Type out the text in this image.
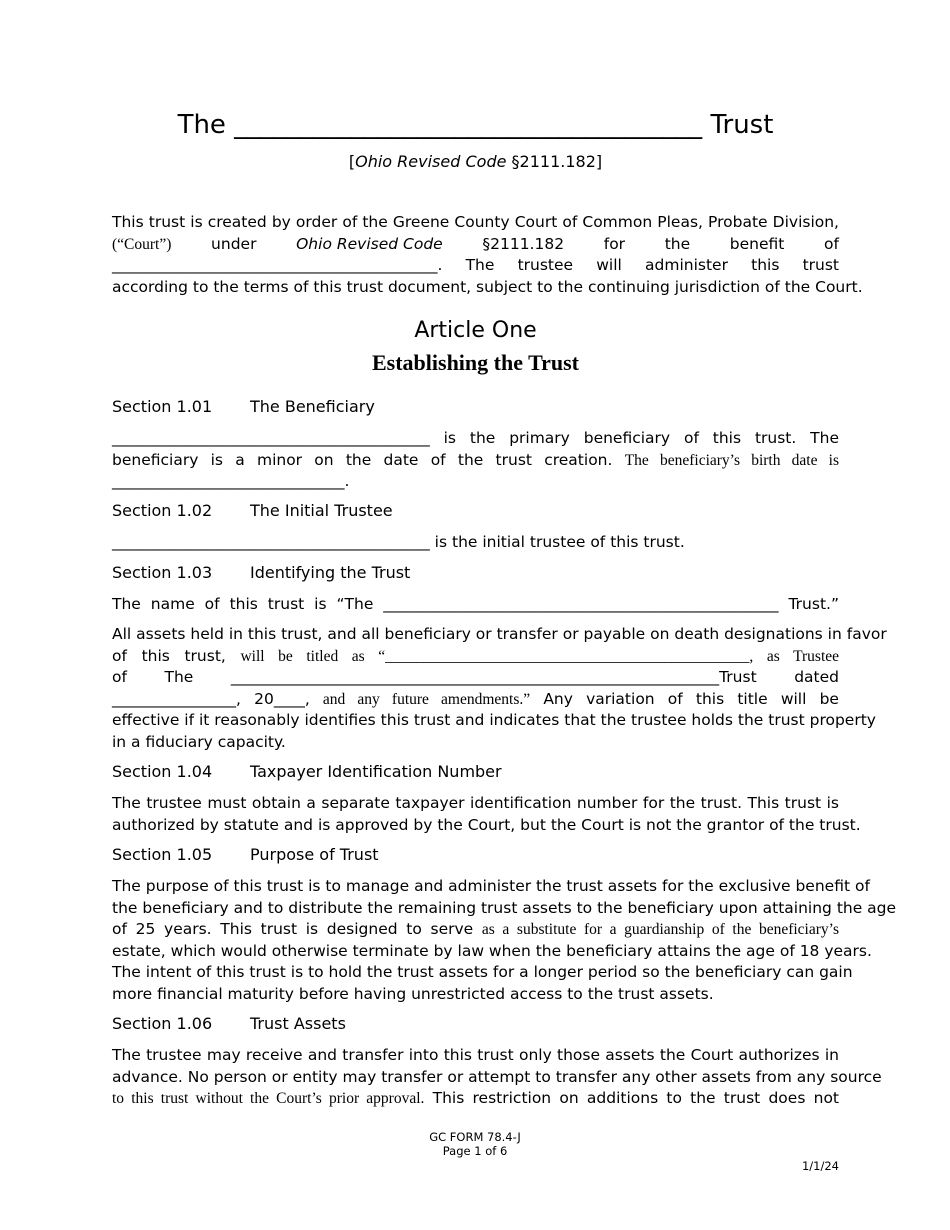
The ____________________________________ Trust
[Ohio Revised Code §2111.182]
This trust is created by order of the Greene County Court of Common Pleas, Probate Division,
(“Court”)	under	Ohio Revised Code	§2111.182	for	the	benefit	of
__________________________________________. The trustee will administer this trust
according to the terms of this trust document, subject to the continuing jurisdiction of the Court.
Article One
Establishing the Trust
Section 1.01 The Beneficiary
_________________________________________ is the primary beneficiary of this trust. The
beneficiary is a minor on the date of the trust creation. The beneficiary’s birth date is
______________________________.
Section 1.02 The Initial Trustee
_________________________________________ is the initial trustee of this trust.
Section 1.03 Identifying the Trust
The name of this trust is “The ___________________________________________________ Trust.”
All assets held in this trust, and all beneficiary or transfer or payable on death designations in favor
of this trust, will be titled as “_______________________________________________, as Trustee
of The _______________________________________________________________Trust dated
________________, 20____, and any future amendments.” Any variation of this title will be
effective if it reasonably identifies this trust and indicates that the trustee holds the trust property
in a fiduciary capacity.
Section 1.04 Taxpayer Identification Number
The trustee must obtain a separate taxpayer identification number for the trust. This trust is
authorized by statute and is approved by the Court, but the Court is not the grantor of the trust.
Section 1.05 Purpose of Trust
The purpose of this trust is to manage and administer the trust assets for the exclusive benefit of
the beneficiary and to distribute the remaining trust assets to the beneficiary upon attaining the age
of 25 years. This trust is designed to serve as a substitute for a guardianship of the beneficiary’s
estate, which would otherwise terminate by law when the beneficiary attains the age of 18 years.
The intent of this trust is to hold the trust assets for a longer period so the beneficiary can gain
more financial maturity before having unrestricted access to the trust assets.
Section 1.06 Trust Assets
The trustee may receive and transfer into this trust only those assets the Court authorizes in
advance. No person or entity may transfer or attempt to transfer any other assets from any source
to this trust without the Court’s prior approval. This restriction on additions to the trust does not
GC FORM 78.4-J
Page 1 of 6
1/1/24
